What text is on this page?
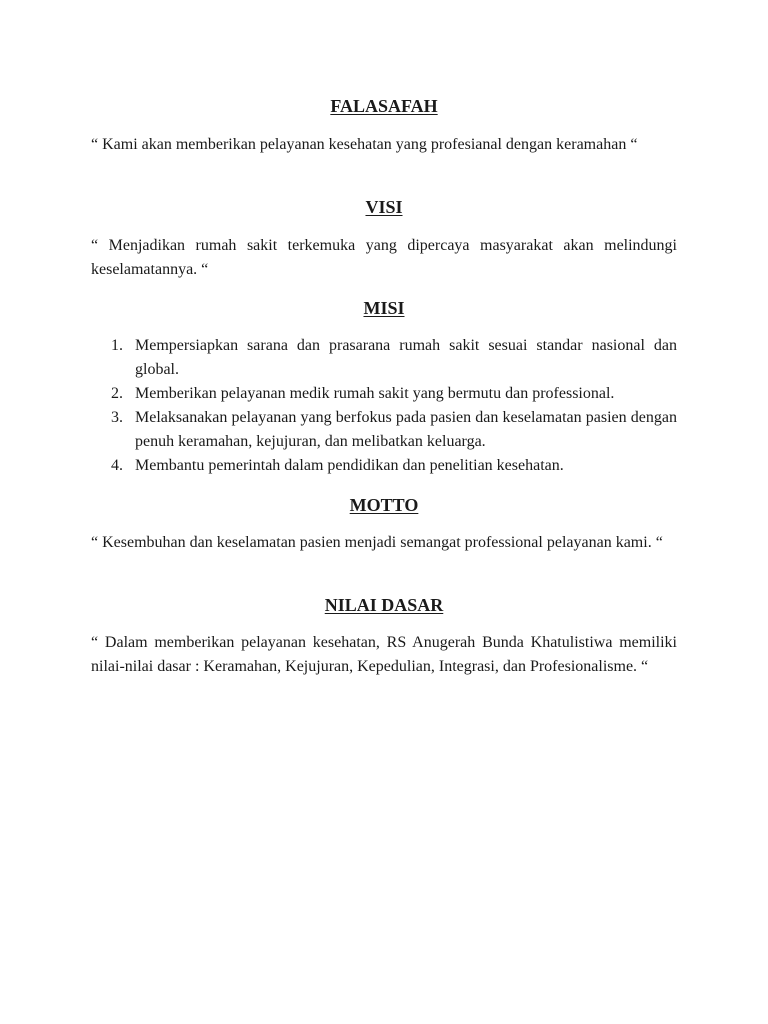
FALASAFAH

“ Kami akan memberikan pelayanan kesehatan yang profesianal dengan keramahan “

VISI

“ Menjadikan rumah sakit terkemuka yang dipercaya masyarakat akan melindungi keselamatannya. “

MISI
1. Mempersiapkan sarana dan prasarana rumah sakit sesuai standar nasional dan global.
2. Memberikan pelayanan medik rumah sakit yang bermutu dan professional.
3. Melaksanakan pelayanan yang berfokus pada pasien dan keselamatan pasien dengan penuh keramahan, kejujuran, dan melibatkan keluarga.
4. Membantu pemerintah dalam pendidikan dan penelitian kesehatan.
MOTTO

“ Kesembuhan dan keselamatan pasien menjadi semangat professional pelayanan kami. “

NILAI DASAR

“ Dalam memberikan pelayanan kesehatan, RS Anugerah Bunda Khatulistiwa memiliki nilai-nilai dasar : Keramahan, Kejujuran, Kepedulian, Integrasi, dan Profesionalisme. “
